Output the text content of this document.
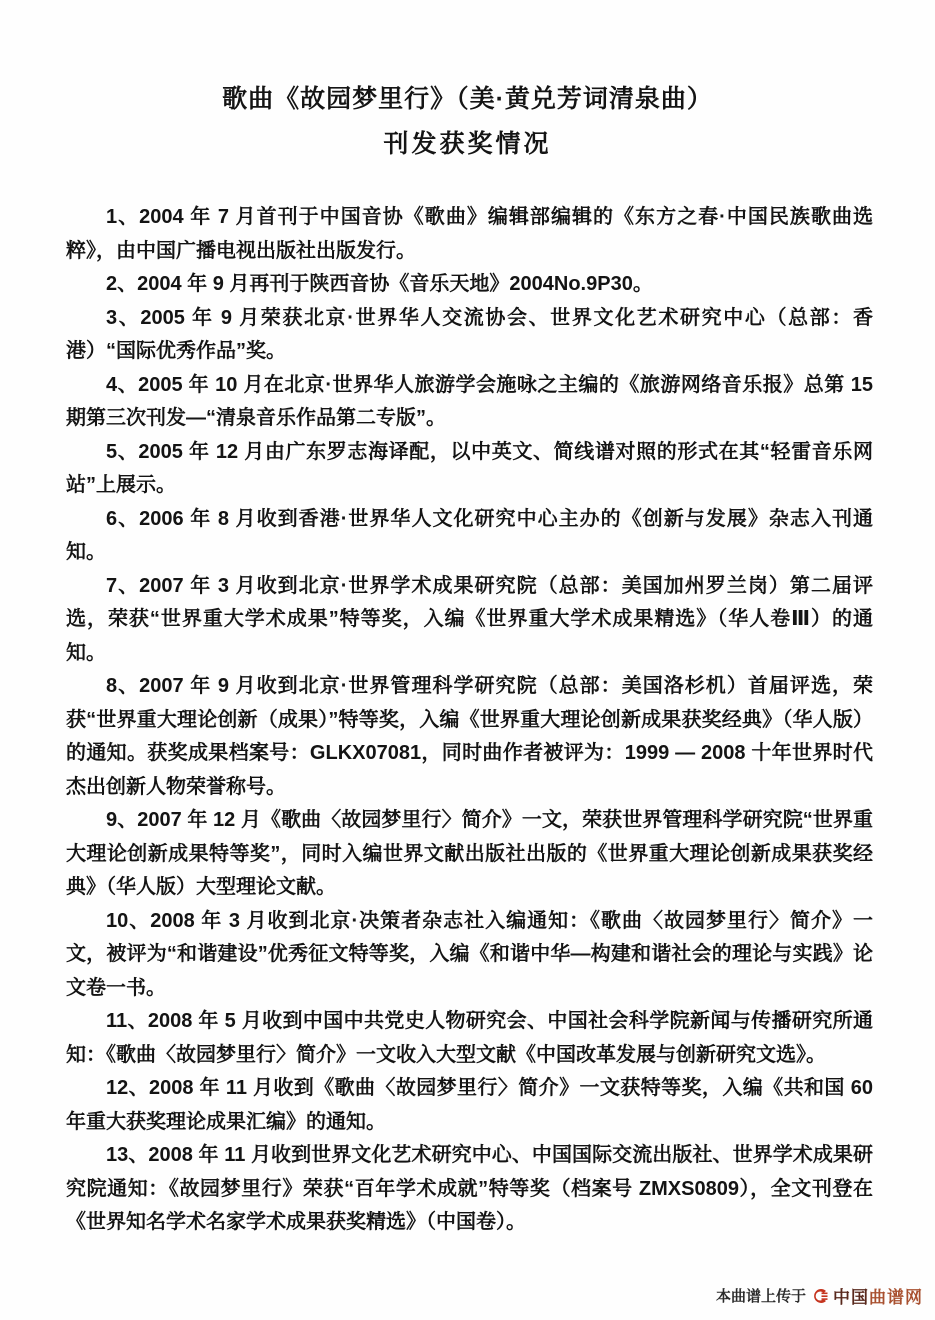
歌曲《故园梦里行》（美·黄兑芳词清泉曲）
刊发获奖情况

1、2004 年 7 月首刊于中国音协《歌曲》编辑部编辑的《东方之春·中国民族歌曲选粹》，由中国广播电视出版社出版发行。

2、2004 年 9 月再刊于陕西音协《音乐天地》2004No.9P30。

3、2005 年 9 月荣获北京·世界华人交流协会、世界文化艺术研究中心（总部：香港）“国际优秀作品”奖。

4、2005 年 10 月在北京·世界华人旅游学会施咏之主编的《旅游网络音乐报》总第 15 期第三次刊发—“清泉音乐作品第二专版”。

5、2005 年 12 月由广东罗志海译配，以中英文、简线谱对照的形式在其“轻雷音乐网站”上展示。

6、2006 年 8 月收到香港·世界华人文化研究中心主办的《创新与发展》杂志入刊通知。

7、2007 年 3 月收到北京·世界学术成果研究院（总部：美国加州罗兰岗）第二届评选，荣获“世界重大学术成果”特等奖，入编《世界重大学术成果精选》（华人卷Ⅲ）的通知。

8、2007 年 9 月收到北京·世界管理科学研究院（总部：美国洛杉机）首届评选，荣获“世界重大理论创新（成果）”特等奖，入编《世界重大理论创新成果获奖经典》（华人版）的通知。获奖成果档案号：GLKX07081，同时曲作者被评为：1999 — 2008 十年世界时代杰出创新人物荣誉称号。

9、2007 年 12 月《歌曲〈故园梦里行〉简介》一文，荣获世界管理科学研究院“世界重大理论创新成果特等奖”，同时入编世界文献出版社出版的《世界重大理论创新成果获奖经典》（华人版）大型理论文献。

10、2008 年 3 月收到北京·决策者杂志社入编通知：《歌曲〈故园梦里行〉简介》一文，被评为“和谐建设”优秀征文特等奖，入编《和谐中华—构建和谐社会的理论与实践》论文卷一书。

11、2008 年 5 月收到中国中共党史人物研究会、中国社会科学院新闻与传播研究所通知：《歌曲〈故园梦里行〉简介》一文收入大型文献《中国改革发展与创新研究文选》。

12、2008 年 11 月收到《歌曲〈故园梦里行〉简介》一文获特等奖，入编《共和国 60 年重大获奖理论成果汇编》的通知。

13、2008 年 11 月收到世界文化艺术研究中心、中国国际交流出版社、世界学术成果研究院通知：《故园梦里行》荣获“百年学术成就”特等奖（档案号 ZMXS0809），全文刊登在《世界知名学术名家学术成果获奖精选》（中国卷）。

本曲谱上传于 中国曲谱网
